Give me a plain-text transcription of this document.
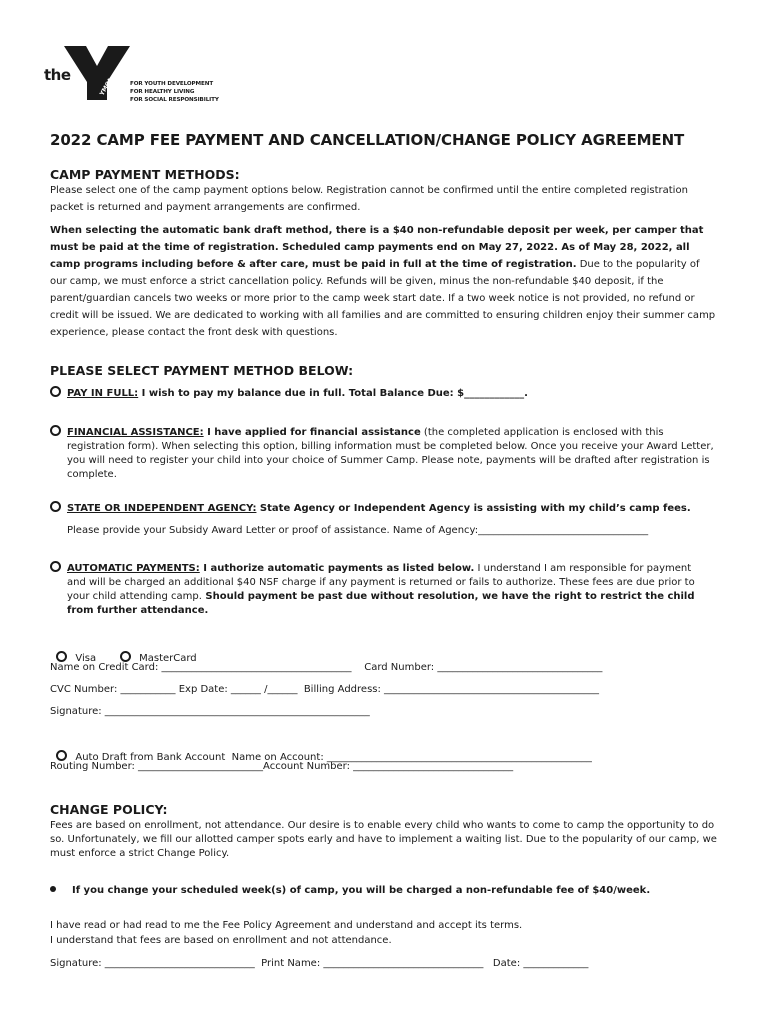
the
YMCA	FOR YOUTH DEVELOPMENT
FOR HEALTHY LIVING
FOR SOCIAL RESPONSIBILITY
2022 CAMP FEE PAYMENT AND CANCELLATION/CHANGE POLICY AGREEMENT
CAMP PAYMENT METHODS:
Please select one of the camp payment options below. Registration cannot be confirmed until the entire completed registration packet is returned and payment arrangements are confirmed.
When selecting the automatic bank draft method, there is a $40 non-refundable deposit per week, per camper that must be paid at the time of registration. Scheduled camp payments end on May 27, 2022. As of May 28, 2022, all camp programs including before & after care, must be paid in full at the time of registration. Due to the popularity of our camp, we must enforce a strict cancellation policy. Refunds will be given, minus the non-refundable $40 deposit, if the parent/guardian cancels two weeks or more prior to the camp week start date. If a two week notice is not provided, no refund or credit will be issued. We are dedicated to working with all families and are committed to ensuring children enjoy their summer camp experience, please contact the front desk with questions.
PLEASE SELECT PAYMENT METHOD BELOW:
PAY IN FULL: I wish to pay my balance due in full. Total Balance Due: $____________.
FINANCIAL ASSISTANCE: I have applied for financial assistance (the completed application is enclosed with this
registration form). When selecting this option, billing information must be completed below. Once you receive your Award Letter, you will need to register your child into your choice of Summer Camp. Please note, payments will be drafted after registration is complete.
STATE OR INDEPENDENT AGENCY: State Agency or Independent Agency is assisting with my child’s camp fees.
Please provide your Subsidy Award Letter or proof of assistance. Name of Agency:__________________________________
AUTOMATIC PAYMENTS: I authorize automatic payments as listed below. I understand I am responsible for payment
and will be charged an additional $40 NSF charge if any payment is returned or fails to authorize. These fees are due prior to your child attending camp. Should payment be past due without resolution, we have the right to restrict the child from further attendance.

Visa	MasterCard

Name on Credit Card: ______________________________________    Card Number: _________________________________
CVC Number: ___________ Exp Date: ______ /______  Billing Address: ___________________________________________
Signature: _____________________________________________________

Auto Draft from Bank Account  Name on Account: _____________________________________________________

Routing Number: _________________________Account Number: ________________________________
CHANGE POLICY:
Fees are based on enrollment, not attendance. Our desire is to enable every child who wants to come to camp the opportunity to do so. Unfortunately, we fill our allotted camper spots early and have to implement a waiting list. Due to the popularity of our camp, we must enforce a strict Change Policy.
If you change your scheduled week(s) of camp, you will be charged a non-refundable fee of $40/week.
I have read or had read to me the Fee Policy Agreement and understand and accept its terms.
I understand that fees are based on enrollment and not attendance.
Signature: ______________________________  Print Name: ________________________________   Date: _____________
